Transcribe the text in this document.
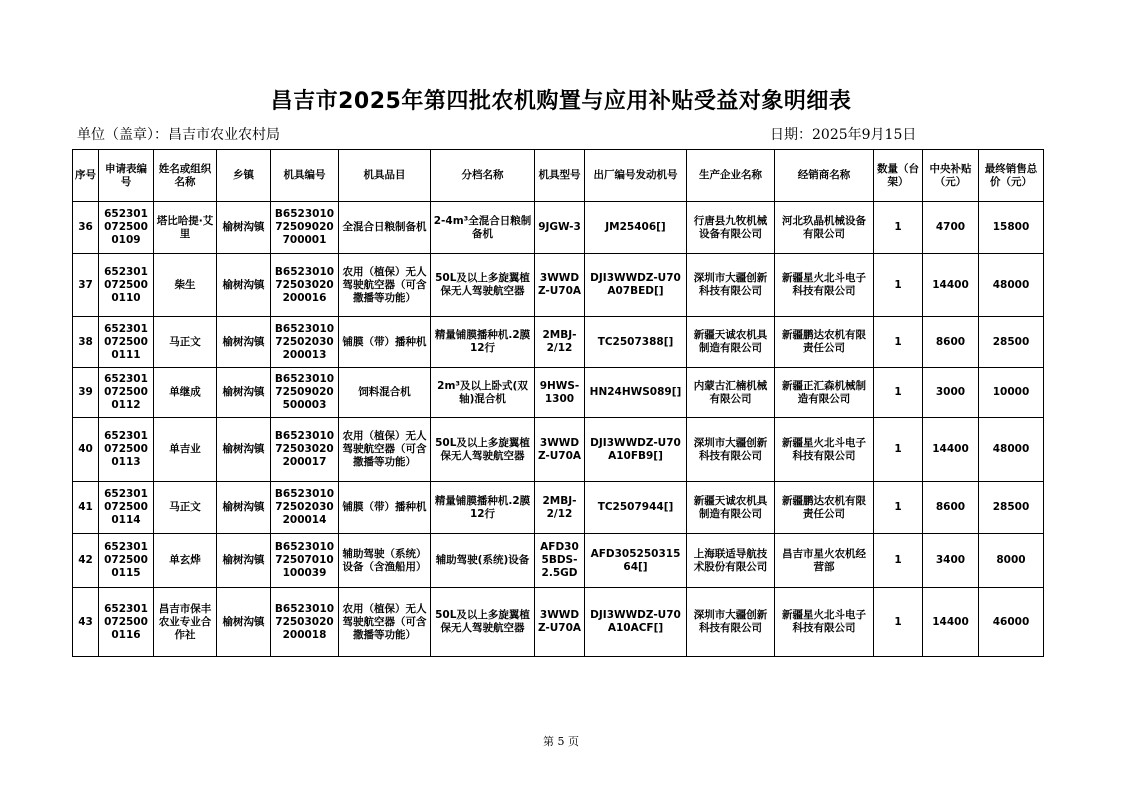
昌吉市2025年第四批农机购置与应用补贴受益对象明细表
单位（盖章）：昌吉市农业农村局	日期：2025年9月15日
序号	申请表编号	姓名或组织名称	乡镇	机具编号	机具品目	分档名称	机具型号	出厂编号发动机号	生产企业名称	经销商名称	数量（台架）	中央补贴（元）	最终销售总价（元）
36	6523010725000109	塔比哈提·艾里	榆树沟镇	B652301072509020700001	全混合日粮制备机	2-4m³全混合日粮制备机	9JGW-3	JM25406[]	行唐县九牧机械设备有限公司	河北玖晶机械设备有限公司	1	4700	15800
37	6523010725000110	柴生	榆树沟镇	B652301072503020200016	农用（植保）无人驾驶航空器（可含撒播等功能）	50L及以上多旋翼植保无人驾驶航空器	3WWDZ-U70A	DJI3WWDZ-U70A07BED[]	深圳市大疆创新科技有限公司	新疆星火北斗电子科技有限公司	1	14400	48000
38	6523010725000111	马正文	榆树沟镇	B652301072502030200013	铺膜（带）播种机	精量铺膜播种机.2膜12行	2MBJ-2/12	TC2507388[]	新疆天诚农机具制造有限公司	新疆鹏达农机有限责任公司	1	8600	28500
39	6523010725000112	单继成	榆树沟镇	B652301072509020500003	饲料混合机	2m³及以上卧式(双轴)混合机	9HWS-1300	HN24HWS089[]	内蒙古汇楠机械有限公司	新疆正汇森机械制造有限公司	1	3000	10000
40	6523010725000113	单吉业	榆树沟镇	B652301072503020200017	农用（植保）无人驾驶航空器（可含撒播等功能）	50L及以上多旋翼植保无人驾驶航空器	3WWDZ-U70A	DJI3WWDZ-U70A10FB9[]	深圳市大疆创新科技有限公司	新疆星火北斗电子科技有限公司	1	14400	48000
41	6523010725000114	马正文	榆树沟镇	B652301072502030200014	铺膜（带）播种机	精量铺膜播种机.2膜12行	2MBJ-2/12	TC2507944[]	新疆天诚农机具制造有限公司	新疆鹏达农机有限责任公司	1	8600	28500
42	6523010725000115	单玄烨	榆树沟镇	B652301072507010100039	辅助驾驶（系统）设备（含渔船用）	辅助驾驶(系统)设备	AFD305BDS-2.5GD	AFD30525031564[]	上海联适导航技术股份有限公司	昌吉市星火农机经营部	1	3400	8000
43	6523010725000116	昌吉市保丰农业专业合作社	榆树沟镇	B652301072503020200018	农用（植保）无人驾驶航空器（可含撒播等功能）	50L及以上多旋翼植保无人驾驶航空器	3WWDZ-U70A	DJI3WWDZ-U70A10ACF[]	深圳市大疆创新科技有限公司	新疆星火北斗电子科技有限公司	1	14400	46000
第 5 页
